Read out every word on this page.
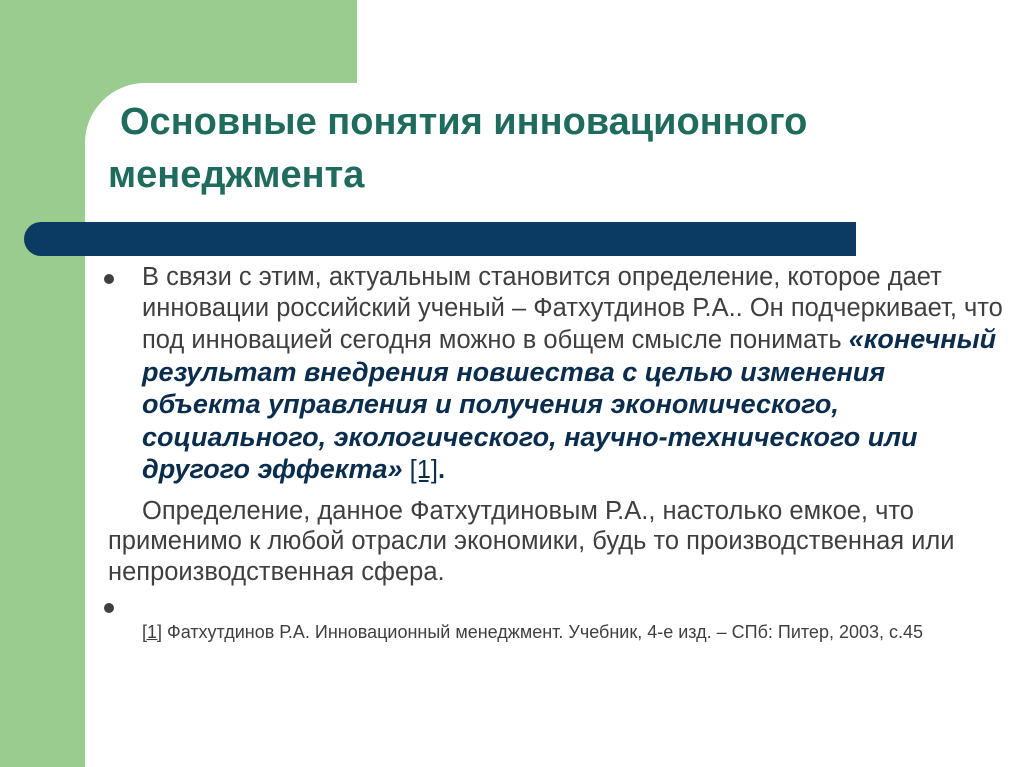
Основные понятия инновационного
менеджмента

В связи с этим, актуальным становится определение, которое дает инновации российский ученый – Фатхутдинов Р.А.. Он подчеркивает, что под инновацией сегодня можно в общем смысле понимать «конечный результат внедрения новшества с целью изменения объекта управления и получения экономического, социального, экологического, научно-технического или другого эффекта» [1].

Определение, данное Фатхутдиновым Р.А., настолько емкое, что применимо к любой отрасли экономики, будь то производственная или непроизводственная сфера.

[1] Фатхутдинов Р.А. Инновационный менеджмент. Учебник, 4-е изд. – СПб: Питер, 2003, с.45
